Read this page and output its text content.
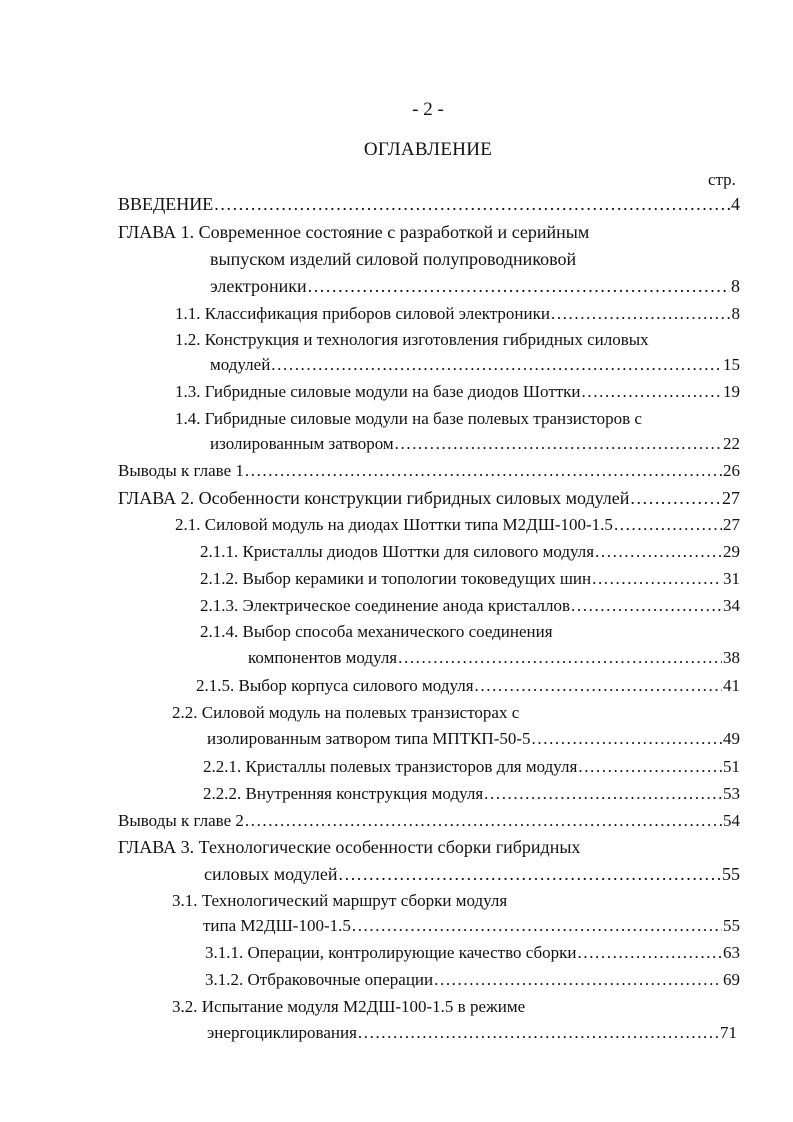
- 2 -
ОГЛАВЛЕНИЕ
стр.
ВВЕДЕНИЕ .....	4
ГЛАВА 1. Современное состояние с разработкой и серийным
выпуском изделий силовой полупроводниковой
электроники .....	8
1.1. Классификация приборов силовой электроники .....	8
1.2. Конструкция и технология изготовления гибридных силовых
модулей .....	15
1.3. Гибридные силовые модули на базе диодов Шоттки .....	19
1.4. Гибридные силовые модули на базе полевых транзисторов с
изолированным затвором .....	22
Выводы к главе 1 .....	26
ГЛАВА 2. Особенности конструкции гибридных силовых модулей .....	27
2.1. Силовой модуль на диодах Шоттки типа М2ДШ-100-1.5 .....	27
2.1.1. Кристаллы диодов Шоттки для силового модуля .....	29
2.1.2. Выбор керамики и топологии токоведущих шин .....	31
2.1.3. Электрическое соединение анода кристаллов .....	34
2.1.4. Выбор способа механического соединения
компонентов модуля .....	38
2.1.5. Выбор корпуса силового модуля .....	41
2.2. Силовой модуль на полевых транзисторах с
изолированным затвором типа МПТКП-50-5 .....	49
2.2.1. Кристаллы полевых транзисторов для модуля .....	51
2.2.2. Внутренняя конструкция модуля .....	53
Выводы к главе 2 .....	54
ГЛАВА 3. Технологические особенности сборки гибридных
силовых модулей .....	55
3.1. Технологический маршрут сборки модуля
типа М2ДШ-100-1.5 .....	55
3.1.1. Операции, контролирующие качество сборки .....	63
3.1.2. Отбраковочные операции .....	69
3.2. Испытание модуля М2ДШ-100-1.5 в режиме
энергоциклирования .....	71
